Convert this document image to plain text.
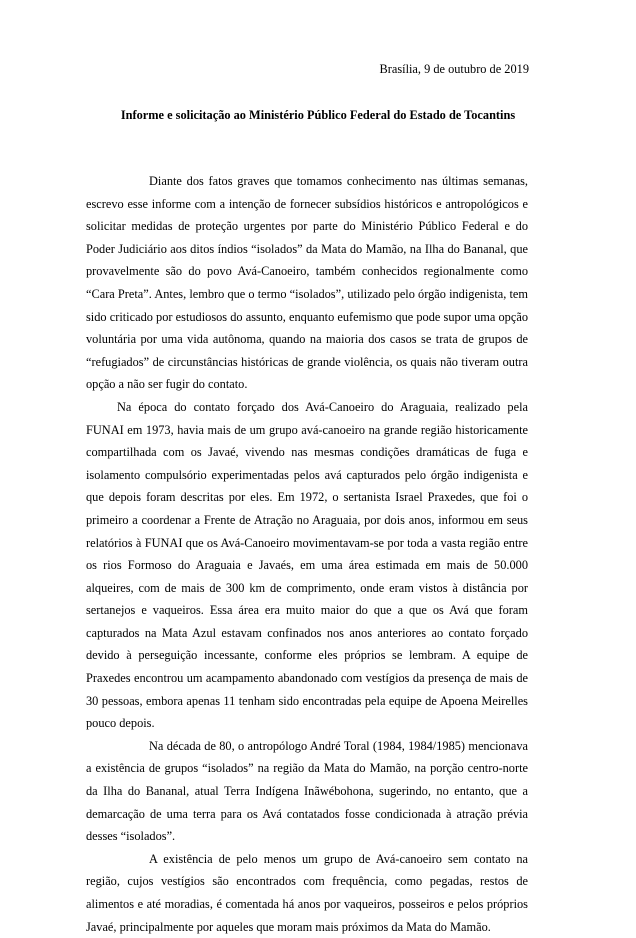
Brasília, 9 de outubro de 2019

Informe e solicitação ao Ministério Público Federal do Estado de Tocantins

Diante dos fatos graves que tomamos conhecimento nas últimas semanas, escrevo esse informe com a intenção de fornecer subsídios históricos e antropológicos e solicitar medidas de proteção urgentes por parte do Ministério Público Federal e do Poder Judiciário aos ditos índios “isolados” da Mata do Mamão, na Ilha do Bananal, que provavelmente são do povo Avá-Canoeiro, também conhecidos regionalmente como “Cara Preta”. Antes, lembro que o termo “isolados”, utilizado pelo órgão indigenista, tem sido criticado por estudiosos do assunto, enquanto eufemismo que pode supor uma opção voluntária por uma vida autônoma, quando na maioria dos casos se trata de grupos de “refugiados” de circunstâncias históricas de grande violência, os quais não tiveram outra opção a não ser fugir do contato.

Na época do contato forçado dos Avá-Canoeiro do Araguaia, realizado pela FUNAI em 1973, havia mais de um grupo avá-canoeiro na grande região historicamente compartilhada com os Javaé, vivendo nas mesmas condições dramáticas de fuga e isolamento compulsório experimentadas pelos avá capturados pelo órgão indigenista e que depois foram descritas por eles. Em 1972, o sertanista Israel Praxedes, que foi o primeiro a coordenar a Frente de Atração no Araguaia, por dois anos, informou em seus relatórios à FUNAI que os Avá-Canoeiro movimentavam-se por toda a vasta região entre os rios Formoso do Araguaia e Javaés, em uma área estimada em mais de 50.000 alqueires, com de mais de 300 km de comprimento, onde eram vistos à distância por sertanejos e vaqueiros. Essa área era muito maior do que a que os Avá que foram capturados na Mata Azul estavam confinados nos anos anteriores ao contato forçado devido à perseguição incessante, conforme eles próprios se lembram. A equipe de Praxedes encontrou um acampamento abandonado com vestígios da presença de mais de 30 pessoas, embora apenas 11 tenham sido encontradas pela equipe de Apoena Meirelles pouco depois.

Na década de 80, o antropólogo André Toral (1984, 1984/1985) mencionava a existência de grupos “isolados” na região da Mata do Mamão, na porção centro-norte da Ilha do Bananal, atual Terra Indígena Inãwébohona, sugerindo, no entanto, que a demarcação de uma terra para os Avá contatados fosse condicionada à atração prévia desses “isolados”.

A existência de pelo menos um grupo de Avá-canoeiro sem contato na região, cujos vestígios são encontrados com frequência, como pegadas, restos de alimentos e até moradias, é comentada há anos por vaqueiros, posseiros e pelos próprios Javaé, principalmente por aqueles que moram mais próximos da Mata do Mamão.
